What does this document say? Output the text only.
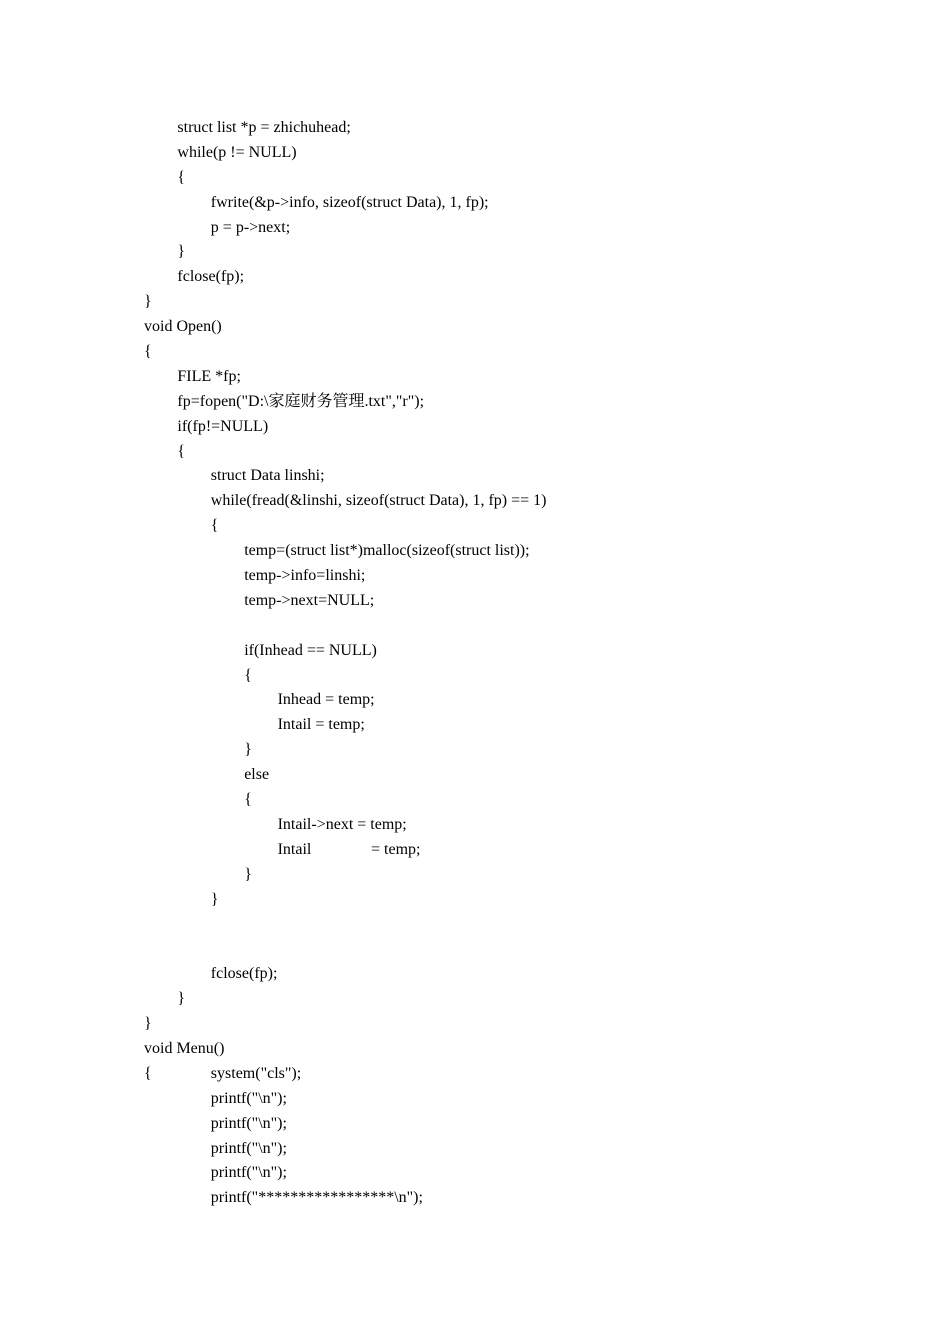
struct list *p = zhichuhead;
while(p != NULL)
{
fwrite(&p->info, sizeof(struct Data), 1, fp);
p = p->next;
}
fclose(fp);
}
void Open()
{
FILE *fp;
fp=fopen("D:\家庭财务管理.txt","r");
if(fp!=NULL)
{
struct Data linshi;
while(fread(&linshi, sizeof(struct Data), 1, fp) == 1)
{
temp=(struct list*)malloc(sizeof(struct list));
temp->info=linshi;
temp->next=NULL;
if(Inhead == NULL)
{
Inhead = temp;
Intail = temp;
}
else
{
Intail->next = temp;
Intail	= temp;
}
}
fclose(fp);
}
}
void Menu()
{	system("cls");
printf("\n");
printf("\n");
printf("\n");
printf("\n");
printf("*****************\n");
